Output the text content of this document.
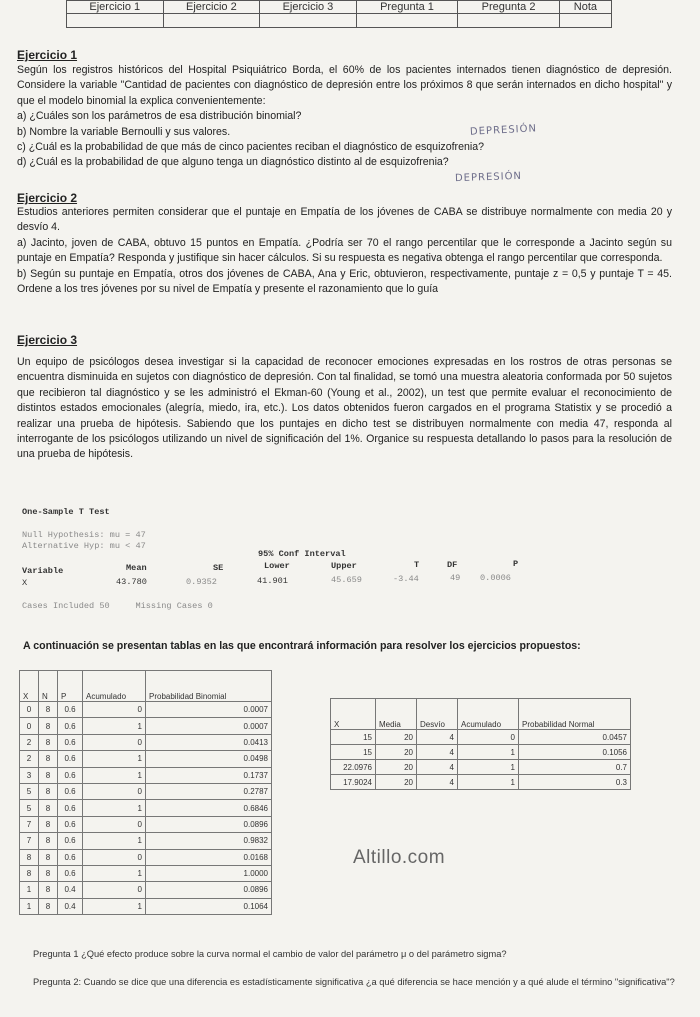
Ejercicio 1	Ejercicio 2	Ejercicio 3	Pregunta 1	Pregunta 2	Nota

Ejercicio 1

Según los registros históricos del Hospital Psiquiátrico Borda, el 60% de los pacientes internados tienen diagnóstico de depresión. Considere la variable "Cantidad de pacientes con diagnóstico de depresión entre los próximos 8 que serán internados en dicho hospital" y que el modelo binomial la explica convenientemente:

a) ¿Cuáles son los parámetros de esa distribución binomial?

b) Nombre la variable Bernoulli y sus valores.

c) ¿Cuál es la probabilidad de que más de cinco pacientes reciban el diagnóstico de esquizofrenia?

d) ¿Cuál es la probabilidad de que alguno tenga un diagnóstico distinto al de esquizofrenia?

DEPRESIÓN
DEPRESIÓN
Ejercicio 2

Estudios anteriores permiten considerar que el puntaje en Empatía de los jóvenes de CABA se distribuye normalmente con media 20 y desvío 4.

a) Jacinto, joven de CABA, obtuvo 15 puntos en Empatía. ¿Podría ser 70 el rango percentilar que le corresponde a Jacinto según su puntaje en Empatía? Responda y justifique sin hacer cálculos. Si su respuesta es negativa obtenga el rango percentilar que corresponda.

b) Según su puntaje en Empatía, otros dos jóvenes de CABA, Ana y Eric, obtuvieron, respectivamente, puntaje z = 0,5 y puntaje T = 45. Ordene a los tres jóvenes por su nivel de Empatía y presente el razonamiento que lo guía

Ejercicio 3

Un equipo de psicólogos desea investigar si la capacidad de reconocer emociones expresadas en los rostros de otras personas se encuentra disminuida en sujetos con diagnóstico de depresión. Con tal finalidad, se tomó una muestra aleatoria conformada por 50 sujetos que recibieron tal diagnóstico y se les administró el Ekman-60 (Young et al., 2002), un test que permite evaluar el reconocimiento de distintos estados emocionales (alegría, miedo, ira, etc.). Los datos obtenidos fueron cargados en el programa Statistix y se procedió a realizar una prueba de hipótesis. Sabiendo que los puntajes en dicho test se distribuyen normalmente con media 47, responda al interrogante de los psicólogos utilizando un nivel de significación del 1%. Organice su respuesta detallando lo pasos para la resolución de una prueba de hipótesis.

One-Sample T Test
Null Hypothesis: mu = 47
Alternative Hyp: mu < 47
95% Conf Interval
Variable	Mean	SE	Lower	Upper	T	DF	P
X	43.780	0.9352	41.901	45.659	-3.44	49 0.0006
Cases Included 50     Missing Cases 0
A continuación se presentan tablas en las que encontrará información para resolver los ejercicios propuestos:
X	N	P	Acumulado	Probabilidad Binomial
0	8	0.6	0	0.0007
0	8	0.6	1	0.0007
2	8	0.6	0	0.0413
2	8	0.6	1	0.0498
3	8	0.6	1	0.1737
5	8	0.6	0	0.2787
5	8	0.6	1	0.6846
7	8	0.6	0	0.0896
7	8	0.6	1	0.9832
8	8	0.6	0	0.0168
8	8	0.6	1	1.0000
1	8	0.4	0	0.0896
1	8	0.4	1	0.1064
X	Media	Desvío	Acumulado	Probabilidad Normal
15	20	4	0	0.0457
15	20	4	1	0.1056
22.0976	20	4	1	0.7
17.9024	20	4	1	0.3
Altillo.com
Pregunta 1 ¿Qué efecto produce sobre la curva normal el cambio de valor del parámetro μ o del parámetro sigma?
Pregunta 2: Cuando se dice que una diferencia es estadísticamente significativa ¿a qué diferencia se hace mención y a qué alude el término "significativa"?
